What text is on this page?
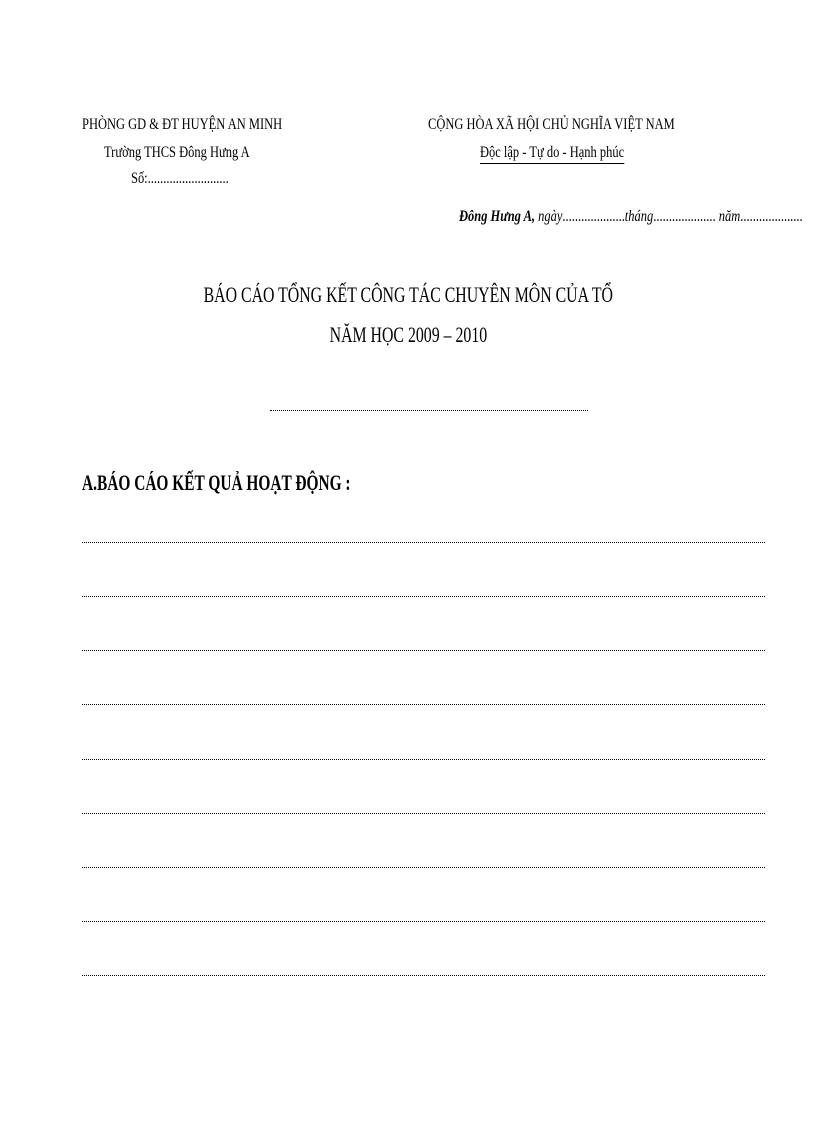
PHÒNG GD & ĐT HUYỆN AN MINH
Trường THCS Đông Hưng A
Số:..........................
CỘNG HÒA XÃ HỘI CHỦ NGHĨA VIỆT NAM
Độc lập - Tự do - Hạnh phúc
Đông Hưng A, ngày....................tháng.................... năm....................
BÁO CÁO TỔNG KẾT CÔNG TÁC CHUYÊN MÔN CỦA TỔ
NĂM HỌC 2009 – 2010
A.BÁO CÁO KẾT QUẢ HOẠT ĐỘNG :
